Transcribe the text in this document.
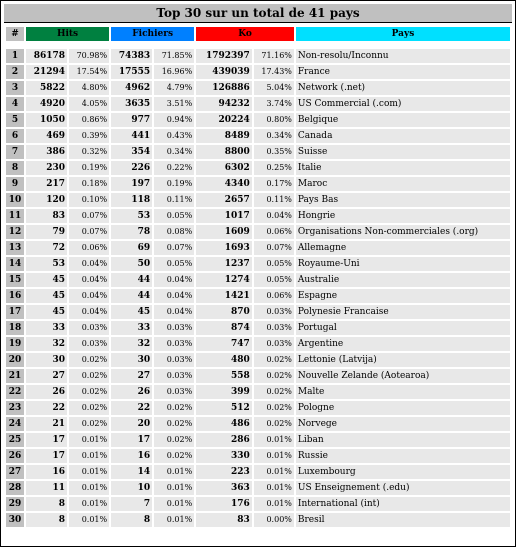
Top 30 sur un total de 41 pays
#	Hits		Fichiers		Ko		Pays

1	86178	70.98%	74383	71.85%	1792397	71.16%	Non-resolu/Inconnu
2	21294	17.54%	17555	16.96%	439039	17.43%	France
3	5822	4.80%	4962	4.79%	126886	5.04%	Network (.net)
4	4920	4.05%	3635	3.51%	94232	3.74%	US Commercial (.com)
5	1050	0.86%	977	0.94%	20224	0.80%	Belgique
6	469	0.39%	441	0.43%	8489	0.34%	Canada
7	386	0.32%	354	0.34%	8800	0.35%	Suisse
8	230	0.19%	226	0.22%	6302	0.25%	Italie
9	217	0.18%	197	0.19%	4340	0.17%	Maroc
10	120	0.10%	118	0.11%	2657	0.11%	Pays Bas
11	83	0.07%	53	0.05%	1017	0.04%	Hongrie
12	79	0.07%	78	0.08%	1609	0.06%	Organisations Non-commerciales (.org)
13	72	0.06%	69	0.07%	1693	0.07%	Allemagne
14	53	0.04%	50	0.05%	1237	0.05%	Royaume-Uni
15	45	0.04%	44	0.04%	1274	0.05%	Australie
16	45	0.04%	44	0.04%	1421	0.06%	Espagne
17	45	0.04%	45	0.04%	870	0.03%	Polynesie Francaise
18	33	0.03%	33	0.03%	874	0.03%	Portugal
19	32	0.03%	32	0.03%	747	0.03%	Argentine
20	30	0.02%	30	0.03%	480	0.02%	Lettonie (Latvija)
21	27	0.02%	27	0.03%	558	0.02%	Nouvelle Zelande (Aotearoa)
22	26	0.02%	26	0.03%	399	0.02%	Malte
23	22	0.02%	22	0.02%	512	0.02%	Pologne
24	21	0.02%	20	0.02%	486	0.02%	Norvege
25	17	0.01%	17	0.02%	286	0.01%	Liban
26	17	0.01%	16	0.02%	330	0.01%	Russie
27	16	0.01%	14	0.01%	223	0.01%	Luxembourg
28	11	0.01%	10	0.01%	363	0.01%	US Enseignement (.edu)
29	8	0.01%	7	0.01%	176	0.01%	International (int)
30	8	0.01%	8	0.01%	83	0.00%	Bresil
